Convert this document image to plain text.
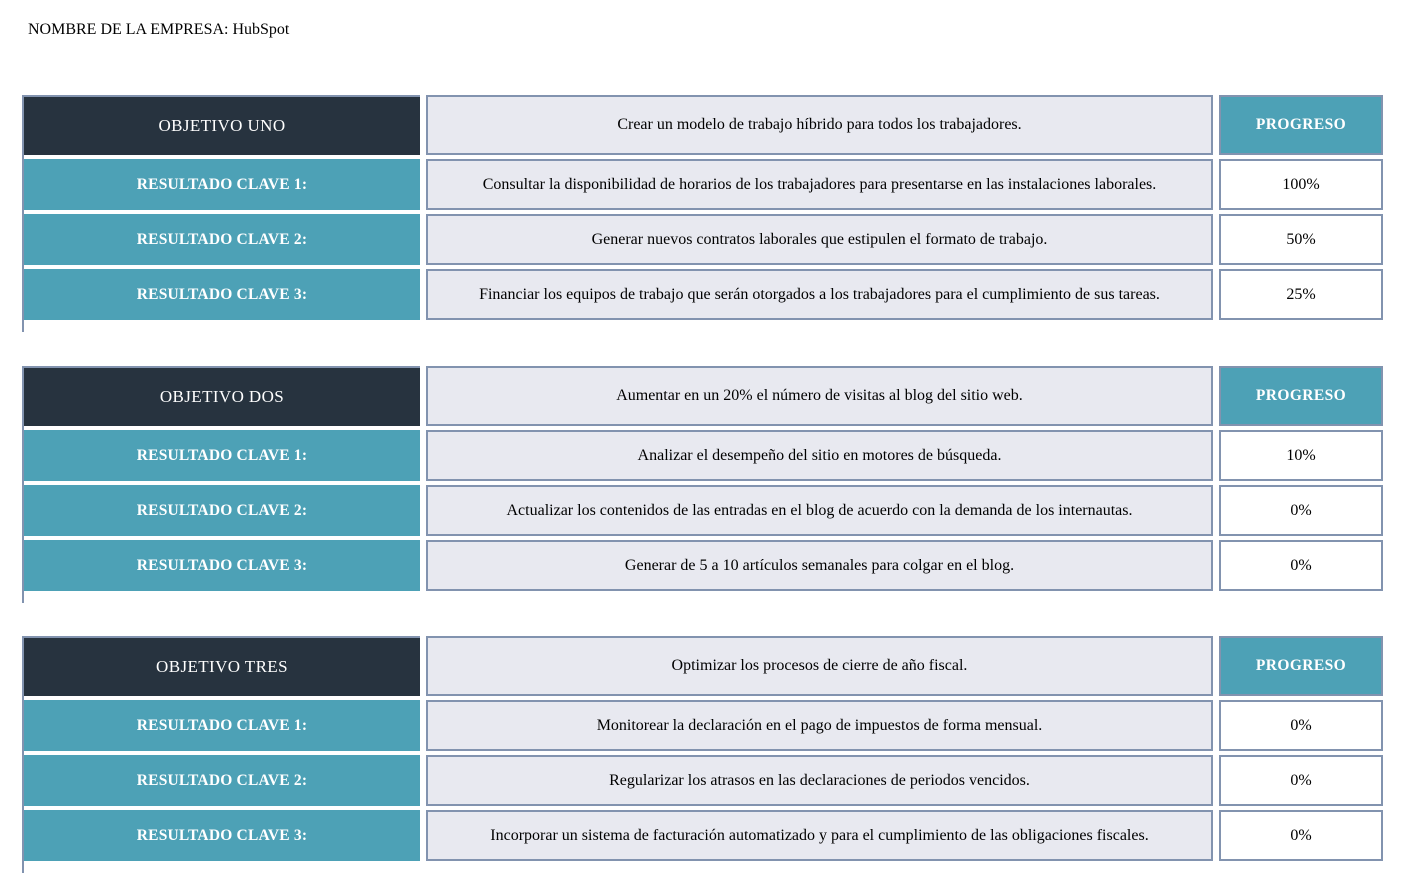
NOMBRE DE LA EMPRESA: HubSpot
OBJETIVO UNO	Crear un modelo de trabajo híbrido para todos los trabajadores.	PROGRESO
RESULTADO CLAVE 1:	Consultar la disponibilidad de horarios de los trabajadores para presentarse en las instalaciones laborales.	100%
RESULTADO CLAVE 2:	Generar nuevos contratos laborales que estipulen el formato de trabajo.	50%
RESULTADO CLAVE 3:	Financiar los equipos de trabajo que serán otorgados a los trabajadores para el cumplimiento de sus tareas.	25%
OBJETIVO DOS	Aumentar en un 20% el número de visitas al blog del sitio web.	PROGRESO
RESULTADO CLAVE 1:	Analizar el desempeño del sitio en motores de búsqueda.	10%
RESULTADO CLAVE 2:	Actualizar los contenidos de las entradas en el blog de acuerdo con la demanda de los internautas.	0%
RESULTADO CLAVE 3:	Generar de 5 a 10 artículos semanales para colgar en el blog.	0%
OBJETIVO TRES	Optimizar los procesos de cierre de año fiscal.	PROGRESO
RESULTADO CLAVE 1:	Monitorear la declaración en el pago de impuestos de forma mensual.	0%
RESULTADO CLAVE 2:	Regularizar los atrasos en las declaraciones de periodos vencidos.	0%
RESULTADO CLAVE 3:	Incorporar un sistema de facturación automatizado y para el cumplimiento de las obligaciones fiscales.	0%
